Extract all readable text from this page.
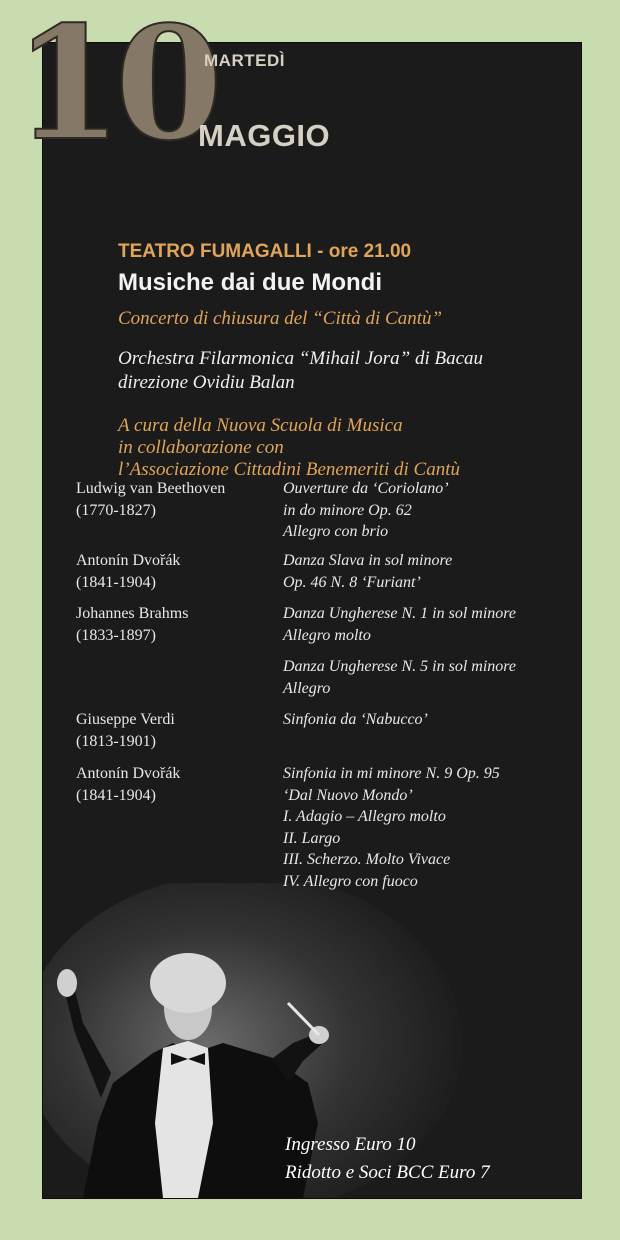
TEATRO FUMAGALLI - ore 21.00
Musiche dai due Mondi
Concerto di chiusura del “Città di Cantù”
Orchestra Filarmonica “Mihail Jora” di Bacau
direzione Ovidiu Balan
A cura della Nuova Scuola di Musica
in collaborazione con
l’Associazione Cittadini Benemeriti di Cantù
Ludwig van Beethoven
(1770-1827)
Ouverture da ‘Coriolano’
in do minore Op. 62
Allegro con brio
Antonín Dvořák
(1841-1904)
Danza Slava in sol minore
Op. 46 N. 8 ‘Furiant’
Johannes Brahms
(1833-1897)
Danza Ungherese N. 1 in sol minore
Allegro molto
Danza Ungherese N. 5 in sol minore
Allegro
Giuseppe Verdi
(1813-1901)
Sinfonia da ‘Nabucco’
Antonín Dvořák
(1841-1904)
Sinfonia in mi minore N. 9 Op. 95
‘Dal Nuovo Mondo’
I. Adagio – Allegro molto
II. Largo
III. Scherzo. Molto Vivace
IV. Allegro con fuoco
Ingresso Euro 10
Ridotto e Soci BCC Euro 7
10
MARTEDÌ
MAGGIO
